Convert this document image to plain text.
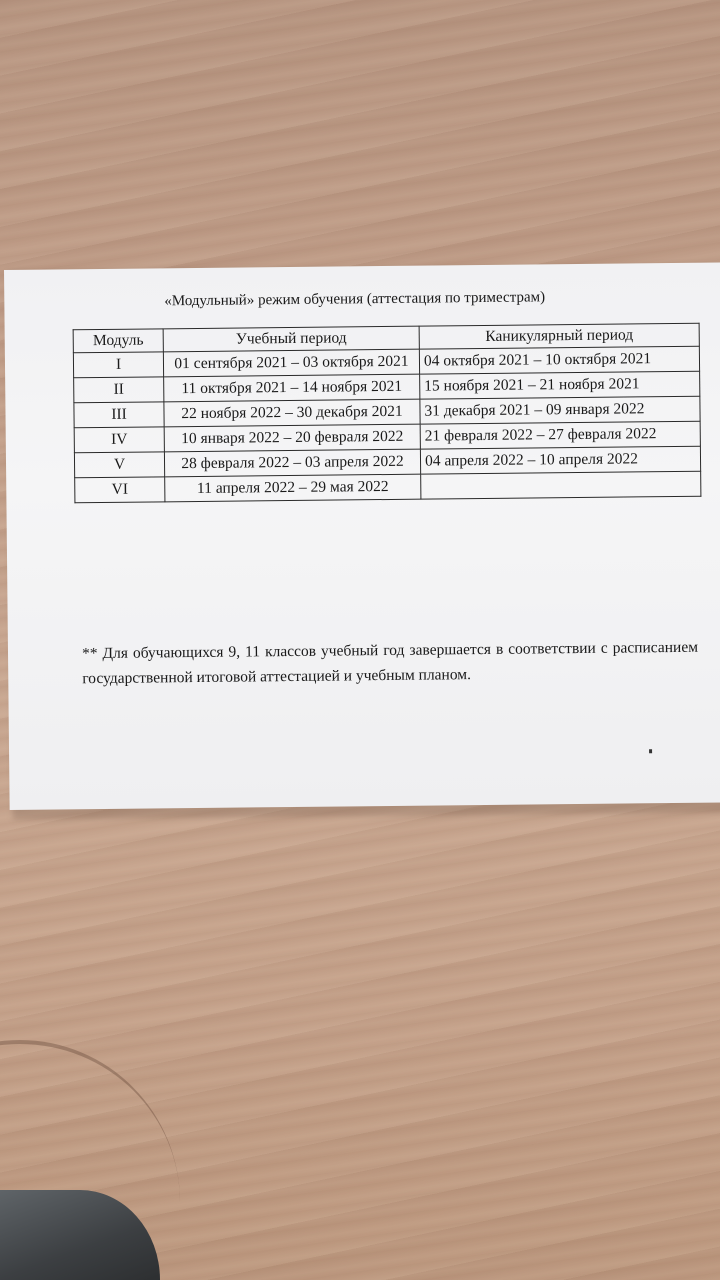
«Модульный» режим обучения (аттестация по триместрам)
Модуль	Учебный период	Каникулярный период
I	01 сентября 2021 – 03 октября 2021	04 октября 2021 – 10 октября 2021
II	11 октября 2021 – 14 ноября 2021	15 ноября 2021 – 21 ноября 2021
III	22 ноября 2022 – 30 декабря 2021	31 декабря 2021 – 09 января 2022
IV	10 января 2022 – 20 февраля 2022	21 февраля 2022 – 27 февраля 2022
V	28 февраля 2022 – 03 апреля 2022	04 апреля 2022 – 10 апреля 2022
VI	11 апреля 2022 – 29 мая 2022	
** Для обучающихся 9, 11 классов учебный год завершается в соответствии с расписанием государственной итоговой аттестацией и учебным планом.
